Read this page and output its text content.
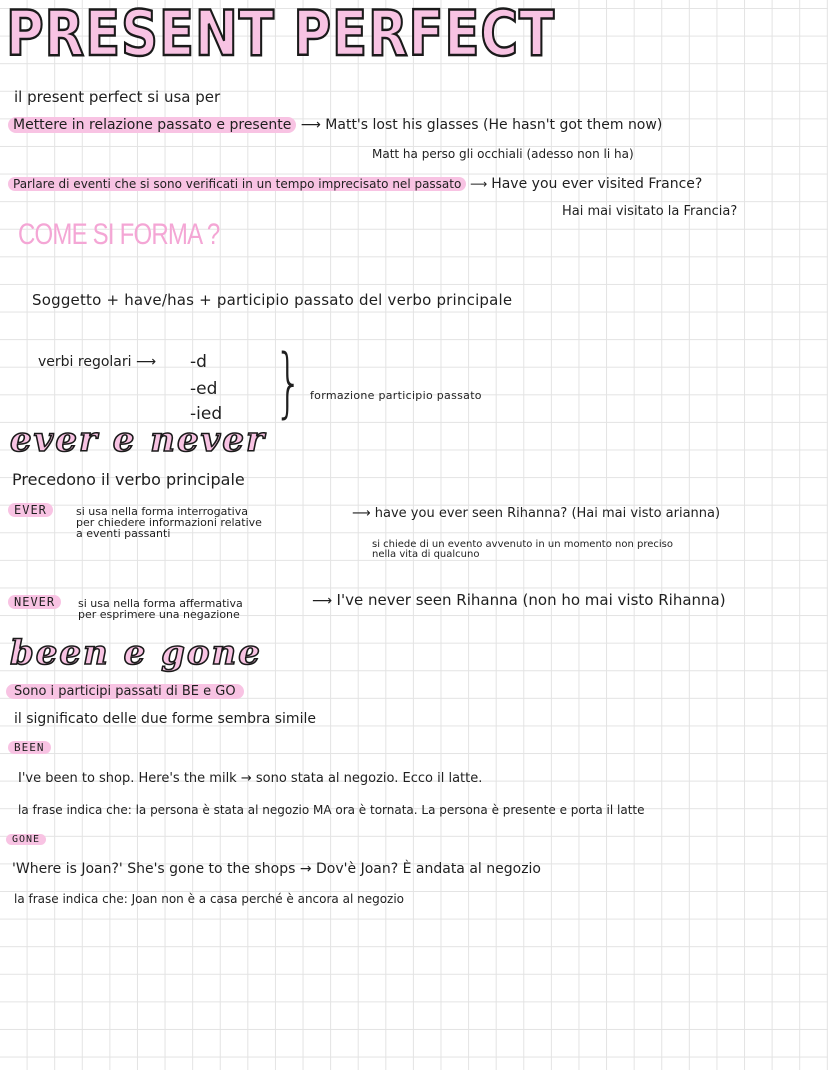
PRESENT PERFECT
il present perfect si usa per
Mettere in relazione passato e presente ⟶ Matt's lost his glasses (He hasn't got them now)
Matt ha perso gli occhiali (adesso non li ha)
Parlare di eventi che si sono verificati in un tempo imprecisato nel passato ⟶ Have you ever visited France?
Hai mai visitato la Francia?
COME SI FORMA ?
Soggetto + have/has + participio passato del verbo principale
verbi regolari ⟶ -d
-ed
-ied } formazione participio passato
ever e never
Precedono il verbo principale
EVER	si usa nella forma interrogativa
per chiedere informazioni relative
a eventi passanti
⟶ have you ever seen Rihanna? (Hai mai visto arianna)
si chiede di un evento avvenuto in un momento non preciso
nella vita di qualcuno
NEVER	si usa nella forma affermativa
per esprimere una negazione
⟶ I've never seen Rihanna (non ho mai visto Rihanna)
been e gone
Sono i participi passati di BE e GO
il significato delle due forme sembra simile
BEEN
I've been to shop. Here's the milk → sono stata al negozio. Ecco il latte.
la frase indica che: la persona è stata al negozio MA ora è tornata. La persona è presente e porta il latte
GONE
'Where is Joan?' She's gone to the shops → Dov'è Joan? È andata al negozio
la frase indica che: Joan non è a casa perché è ancora al negozio
